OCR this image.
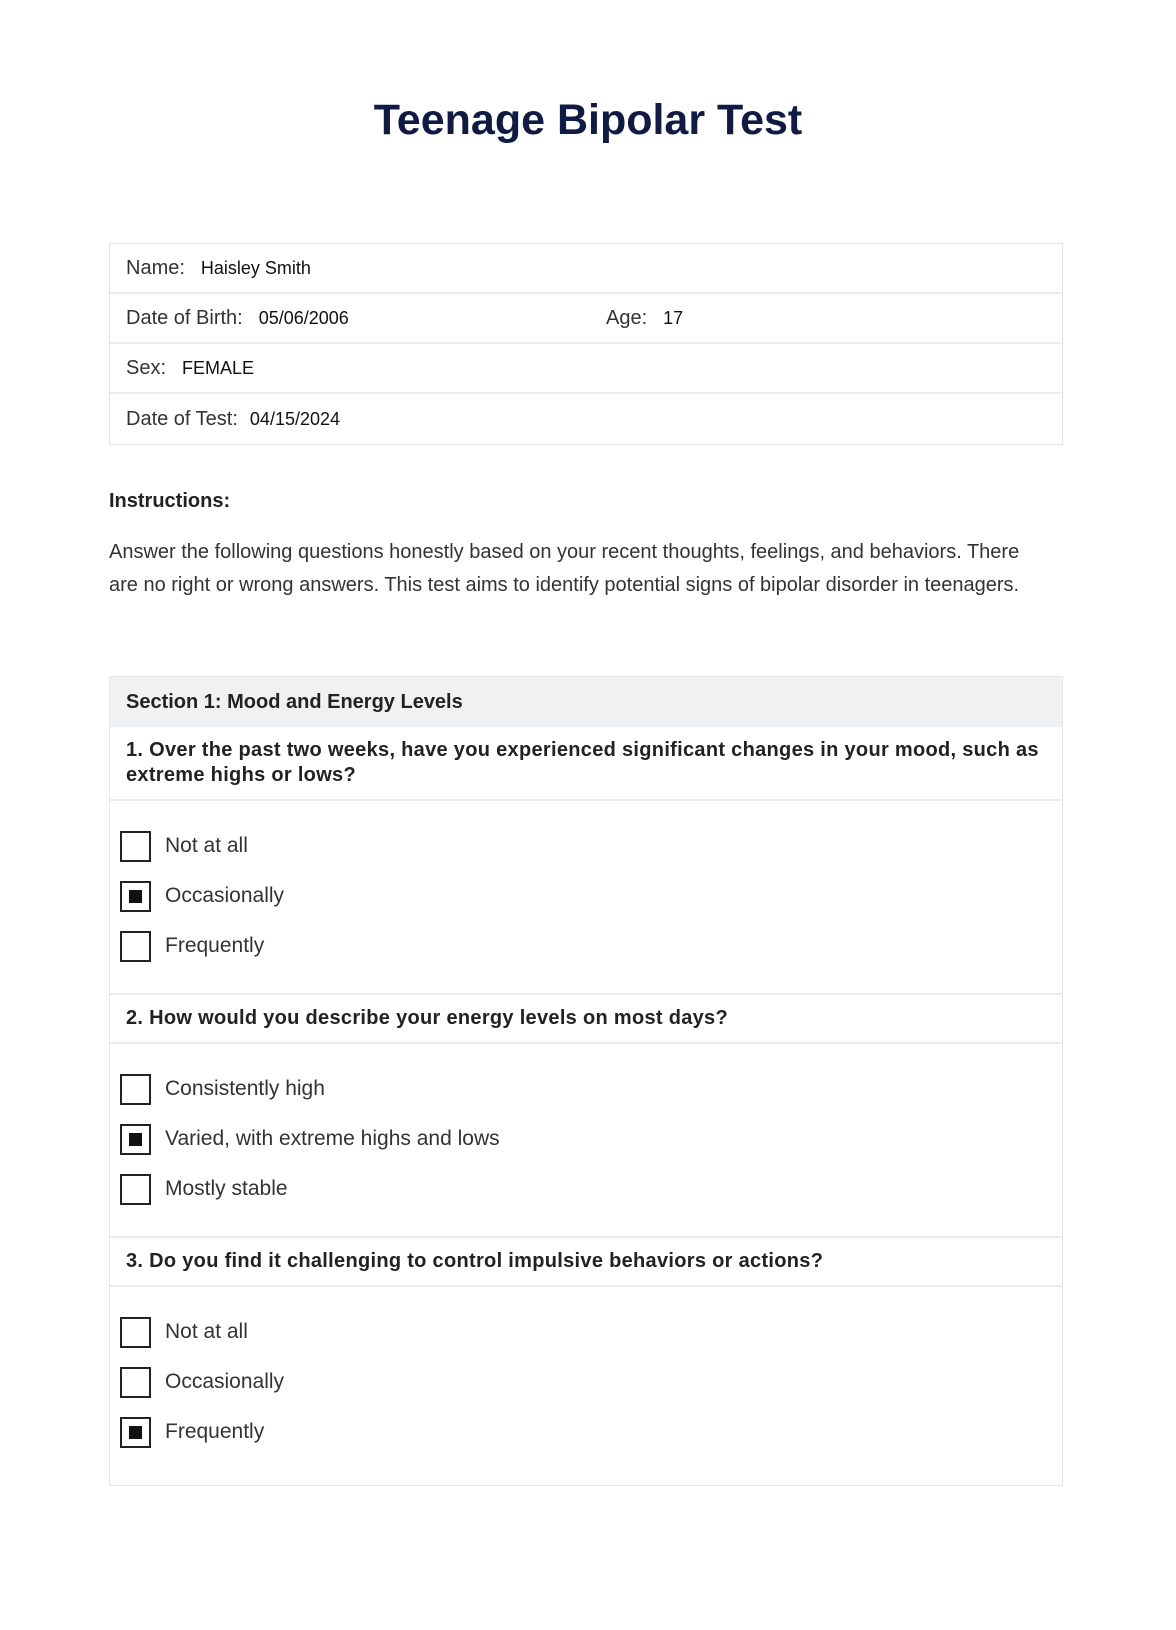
Teenage Bipolar Test
Name: Haisley Smith
Date of Birth: 05/06/2006	Age: 17
Sex: FEMALE
Date of Test: 04/15/2024
Instructions:
Answer the following questions honestly based on your recent thoughts, feelings, and behaviors. There are no right or wrong answers. This test aims to identify potential signs of bipolar disorder in teenagers.
Section 1: Mood and Energy Levels
1. Over the past two weeks, have you experienced significant changes in your mood, such as extreme highs or lows?
Not at all
Occasionally
Frequently
2. How would you describe your energy levels on most days?
Consistently high
Varied, with extreme highs and lows
Mostly stable
3. Do you find it challenging to control impulsive behaviors or actions?
Not at all
Occasionally
Frequently
